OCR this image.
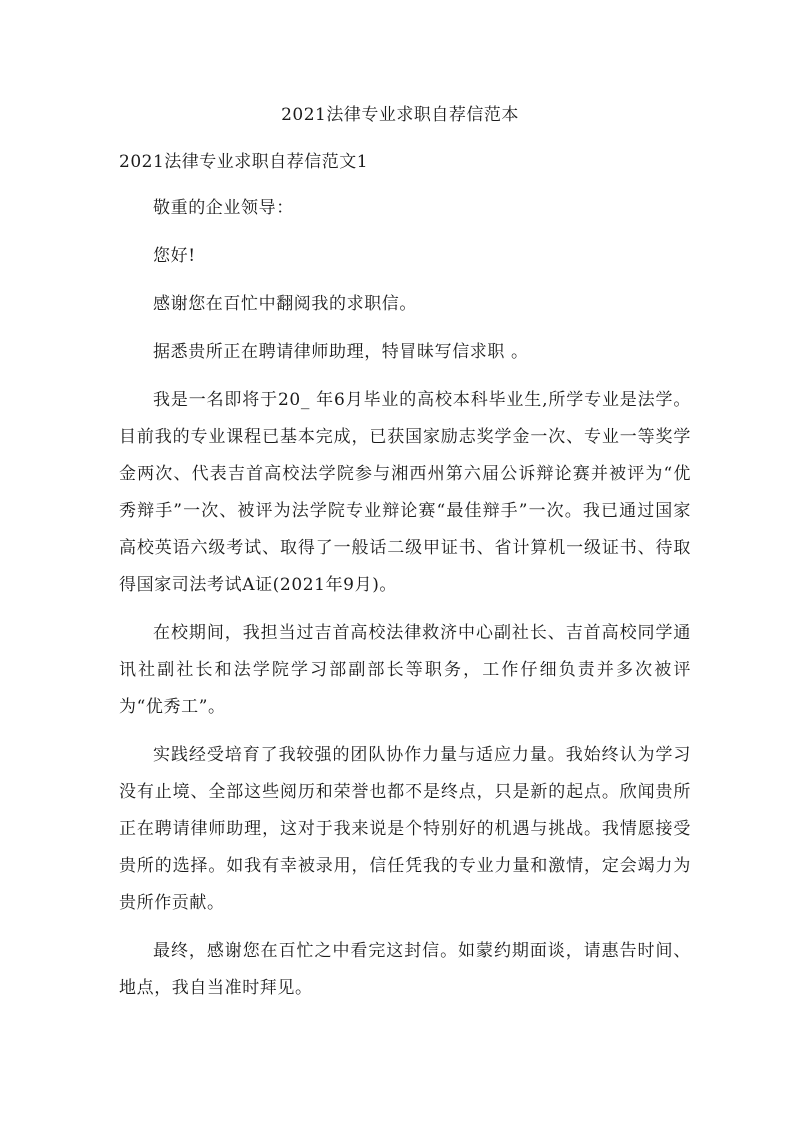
2021法律专业求职自荐信范本
2021法律专业求职自荐信范文1

敬重的企业领导：

您好!

感谢您在百忙中翻阅我的求职信。

据悉贵所正在聘请律师助理，特冒昧写信求职 。

我是一名即将于20_ 年6月毕业的高校本科毕业生,所学专业是法学。目前我的专业课程已基本完成，已获国家励志奖学金一次、专业一等奖学金两次、代表吉首高校法学院参与湘西州第六届公诉辩论赛并被评为“优秀辩手”一次、被评为法学院专业辩论赛“最佳辩手”一次。我已通过国家高校英语六级考试、取得了一般话二级甲证书、省计算机一级证书、待取得国家司法考试A证(2021年9月)。

在校期间，我担当过吉首高校法律救济中心副社长、吉首高校同学通讯社副社长和法学院学习部副部长等职务，工作仔细负责并多次被评为“优秀工”。

实践经受培育了我较强的团队协作力量与适应力量。我始终认为学习没有止境、全部这些阅历和荣誉也都不是终点，只是新的起点。欣闻贵所正在聘请律师助理，这对于我来说是个特别好的机遇与挑战。我情愿接受贵所的选择。如我有幸被录用，信任凭我的专业力量和激情，定会竭力为贵所作贡献。

最终，感谢您在百忙之中看完这封信。如蒙约期面谈，请惠告时间、地点，我自当准时拜见。
